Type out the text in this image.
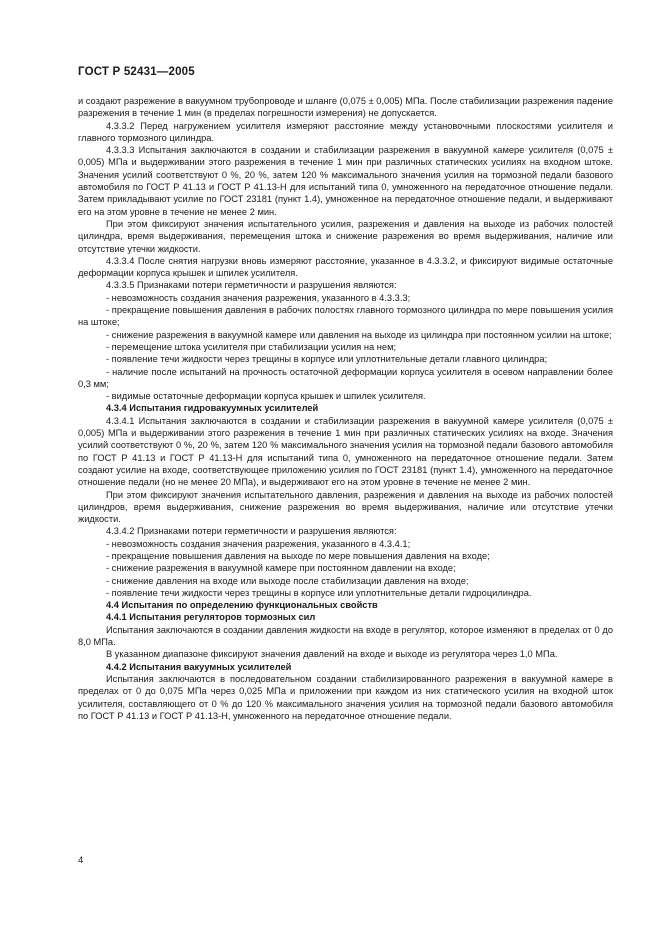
ГОСТ Р 52431—2005

и создают разрежение в вакуумном трубопроводе и шланге (0,075 ± 0,005) МПа. После стабилизации разрежения падение разрежения в течение 1 мин (в пределах погрешности измерения) не допускается.

4.3.3.2 Перед нагружением усилителя измеряют расстояние между установочными плоскостями усилителя и главного тормозного цилиндра.

4.3.3.3 Испытания заключаются в создании и стабилизации разрежения в вакуумной камере усилителя (0,075 ± 0,005) МПа и выдерживании этого разрежения в течение 1 мин при различных статических усилиях на входном штоке. Значения усилий соответствуют 0 %, 20 %, затем 120 % максимального значения усилия на тормозной педали базового автомобиля по ГОСТ Р 41.13 и ГОСТ Р 41.13-Н для испытаний типа 0, умноженного на передаточное отношение педали. Затем прикладывают усилие по ГОСТ 23181 (пункт 1.4), умноженное на передаточное отношение педали, и выдерживают его на этом уровне в течение не менее 2 мин.

При этом фиксируют значения испытательного усилия, разрежения и давления на выходе из рабочих полостей цилиндра, время выдерживания, перемещения штока и снижение разрежения во время выдерживания, наличие или отсутствие утечки жидкости.

4.3.3.4 После снятия нагрузки вновь измеряют расстояние, указанное в 4.3.3.2, и фиксируют видимые остаточные деформации корпуса крышек и шпилек усилителя.

4.3.3.5 Признаками потери герметичности и разрушения являются:

- невозможность создания значения разрежения, указанного в 4.3.3.3;

- прекращение повышения давления в рабочих полостях главного тормозного цилиндра по мере повышения усилия на штоке;

- снижение разрежения в вакуумной камере или давления на выходе из цилиндра при постоянном усилии на штоке;

- перемещение штока усилителя при стабилизации усилия на нем;

- появление течи жидкости через трещины в корпусе или уплотнительные детали главного цилиндра;

- наличие после испытаний на прочность остаточной деформации корпуса усилителя в осевом направлении более 0,3 мм;

- видимые остаточные деформации корпуса крышек и шпилек усилителя.

4.3.4 Испытания гидровакуумных усилителей

4.3.4.1 Испытания заключаются в создании и стабилизации разрежения в вакуумной камере усилителя (0,075 ± 0,005) МПа и выдерживании этого разрежения в течение 1 мин при различных статических усилиях на входе. Значения усилий соответствуют 0 %, 20 %, затем 120 % максимального значения усилия на тормозной педали базового автомобиля по ГОСТ Р 41.13 и ГОСТ Р 41.13-Н для испытаний типа 0, умноженного на передаточное отношение педали. Затем создают усилие на входе, соответствующее приложению усилия по ГОСТ 23181 (пункт 1.4), умноженного на передаточное отношение педали (но не менее 20 МПа), и выдерживают его на этом уровне в течение не менее 2 мин.

При этом фиксируют значения испытательного давления, разрежения и давления на выходе из рабочих полостей цилиндров, время выдерживания, снижение разрежения во время выдерживания, наличие или отсутствие утечки жидкости.

4.3.4.2 Признаками потери герметичности и разрушения являются:

- невозможность создания значения разрежения, указанного в 4.3.4.1;

- прекращение повышения давления на выходе по мере повышения давления на входе;

- снижение разрежения в вакуумной камере при постоянном давлении на входе;

- снижение давления на входе или выходе после стабилизации давления на входе;

- появление течи жидкости через трещины в корпусе или уплотнительные детали гидроцилиндра.

4.4 Испытания по определению функциональных свойств

4.4.1 Испытания регуляторов тормозных сил

Испытания заключаются в создании давления жидкости на входе в регулятор, которое изменяют в пределах от 0 до 8,0 МПа.

В указанном диапазоне фиксируют значения давлений на входе и выходе из регулятора через 1,0 МПа.

4.4.2 Испытания вакуумных усилителей

Испытания заключаются в последовательном создании стабилизированного разрежения в вакуумной камере в пределах от 0 до 0,075 МПа через 0,025 МПа и приложении при каждом из них статического усилия на входной шток усилителя, составляющего от 0 % до 120 % максимального значения усилия на тормозной педали базового автомобиля по ГОСТ Р 41.13 и ГОСТ Р 41.13-Н, умноженного на передаточное отношение педали.

4
